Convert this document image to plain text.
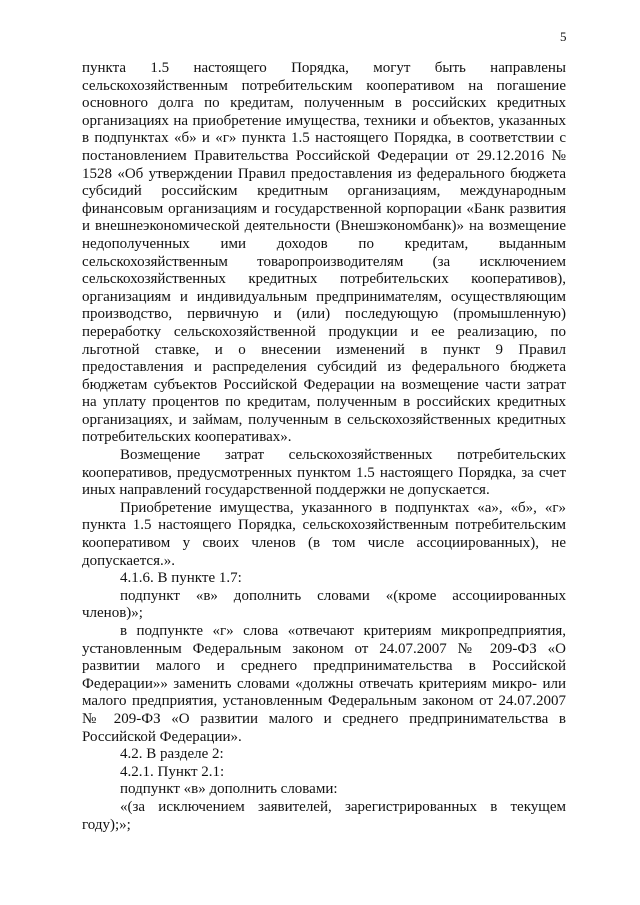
5

пункта 1.5 настоящего Порядка, могут быть направлены сельскохозяйственным потребительским кооперативом на погашение основного долга по кредитам, полученным в российских кредитных организациях на приобретение имущества, техники и объектов, указанных в подпунктах «б» и «г» пункта 1.5 настоящего Порядка, в соответствии с постановлением Правительства Российской Федерации от 29.12.2016 № 1528 «Об утверждении Правил предоставления из федерального бюджета субсидий российским кредитным организациям, международным финансовым организациям и государственной корпорации «Банк развития и внешнеэкономической деятельности (Внешэкономбанк)» на возмещение недополученных ими доходов по кредитам, выданным сельскохозяйственным товаропроизводителям (за исключением сельскохозяйственных кредитных потребительских кооперативов), организациям и индивидуальным предпринимателям, осуществляющим производство, первичную и (или) последующую (промышленную) переработку сельскохозяйственной продукции и ее реализацию, по льготной ставке, и о внесении изменений в пункт 9 Правил предоставления и распределения субсидий из федерального бюджета бюджетам субъектов Российской Федерации на возмещение части затрат на уплату процентов по кредитам, полученным в российских кредитных организациях, и займам, полученным в сельскохозяйственных кредитных потребительских кооперативах».

Возмещение затрат сельскохозяйственных потребительских кооперативов, предусмотренных пунктом 1.5 настоящего Порядка, за счет иных направлений государственной поддержки не допускается.

Приобретение имущества, указанного в подпунктах «а», «б», «г» пункта 1.5 настоящего Порядка, сельскохозяйственным потребительским кооперативом у своих членов (в том числе ассоциированных), не допускается.».

4.1.6. В пункте 1.7:

подпункт «в» дополнить словами «(кроме ассоциированных членов)»;

в подпункте «г» слова «отвечают критериям микропредприятия, установленным Федеральным законом от 24.07.2007 № 209-ФЗ «О развитии малого и среднего предпринимательства в Российской Федерации»» заменить словами «должны отвечать критериям микро- или малого предприятия, установленным Федеральным законом от 24.07.2007 № 209-ФЗ «О развитии малого и среднего предпринимательства в Российской Федерации».

4.2. В разделе 2:

4.2.1. Пункт 2.1:

подпункт «в» дополнить словами:

«(за исключением заявителей, зарегистрированных в текущем году);»;
